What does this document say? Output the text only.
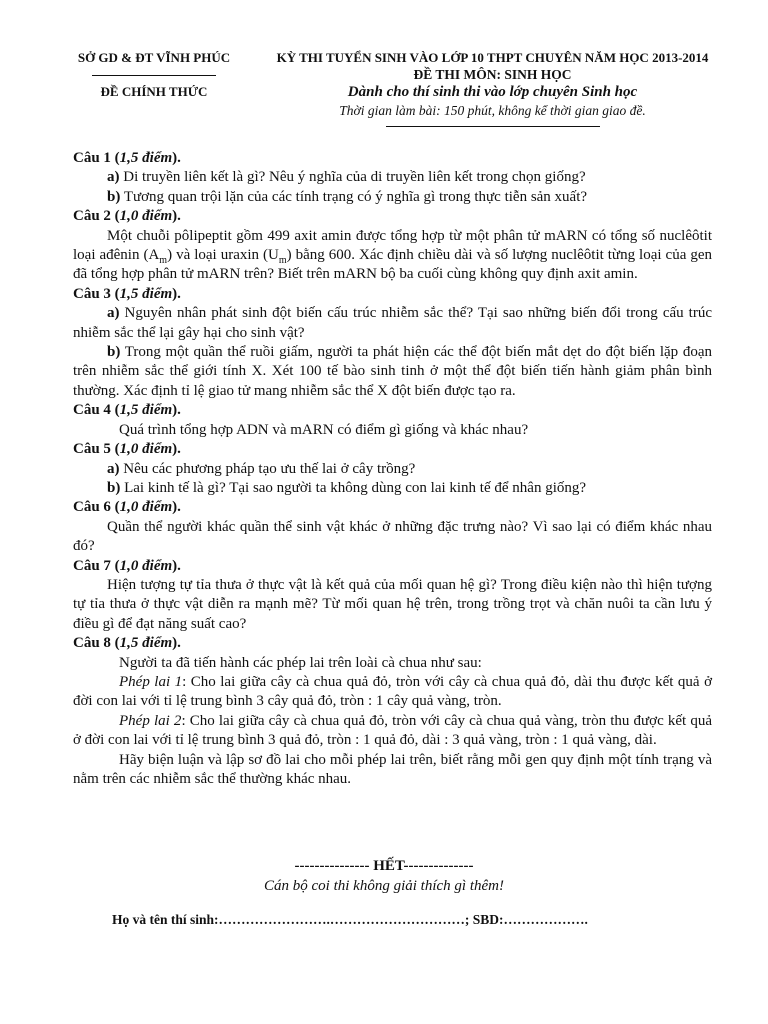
SỞ GD & ĐT VĨNH PHÚC
ĐỀ CHÍNH THỨC
KỲ THI TUYỂN SINH VÀO LỚP 10 THPT CHUYÊN NĂM HỌC 2013-2014
ĐỀ THI MÔN: SINH HỌC
Dành cho thí sinh thi vào lớp chuyên Sinh học
Thời gian làm bài: 150 phút, không kể thời gian giao đề.

Câu 1 (1,5 điểm).

a) Di truyền liên kết là gì? Nêu ý nghĩa của di truyền liên kết trong chọn giống?

b) Tương quan trội lặn của các tính trạng có ý nghĩa gì trong thực tiễn sản xuất?

Câu 2 (1,0 điểm).

Một chuỗi pôlipeptit gồm 499 axit amin được tổng hợp từ một phân tử mARN có tổng số nuclêôtit loại ađênin $(A_m)$ và loại uraxin $(U_m)$ bằng 600. Xác định chiều dài và số lượng nuclêôtit từng loại của gen đã tổng hợp phân tử mARN trên? Biết trên mARN bộ ba cuối cùng không quy định axit amin.

Câu 3 (1,5 điểm).

a) Nguyên nhân phát sinh đột biến cấu trúc nhiễm sắc thể? Tại sao những biến đổi trong cấu trúc nhiễm sắc thể lại gây hại cho sinh vật?

b) Trong một quần thể ruồi giấm, người ta phát hiện các thể đột biến mắt dẹt do đột biến lặp đoạn trên nhiễm sắc thể giới tính X. Xét 100 tế bào sinh tinh ở một thể đột biến tiến hành giảm phân bình thường. Xác định tỉ lệ giao tử mang nhiễm sắc thể X đột biến được tạo ra.

Câu 4 (1,5 điểm).

Quá trình tổng hợp ADN và mARN có điểm gì giống và khác nhau?

Câu 5 (1,0 điểm).

a) Nêu các phương pháp tạo ưu thế lai ở cây trồng?

b) Lai kinh tế là gì? Tại sao người ta không dùng con lai kinh tế để nhân giống?

Câu 6 (1,0 điểm).

Quần thể người khác quần thể sinh vật khác ở những đặc trưng nào? Vì sao lại có điểm khác nhau đó?

Câu 7 (1,0 điểm).

Hiện tượng tự tỉa thưa ở thực vật là kết quả của mối quan hệ gì? Trong điều kiện nào thì hiện tượng tự tỉa thưa ở thực vật diễn ra mạnh mẽ? Từ mối quan hệ trên, trong trồng trọt và chăn nuôi ta cần lưu ý điều gì để đạt năng suất cao?

Câu 8 (1,5 điểm).

Người ta đã tiến hành các phép lai trên loài cà chua như sau:

Phép lai 1: Cho lai giữa cây cà chua quả đỏ, tròn với cây cà chua quả đỏ, dài thu được kết quả ở đời con lai với tỉ lệ trung bình 3 cây quả đỏ, tròn : 1 cây quả vàng, tròn.

Phép lai 2: Cho lai giữa cây cà chua quả đỏ, tròn với cây cà chua quả vàng, tròn thu được kết quả ở đời con lai với tỉ lệ trung bình 3 quả đỏ, tròn : 1 quả đỏ, dài : 3 quả vàng, tròn : 1 quả vàng, dài.

Hãy biện luận và lập sơ đồ lai cho mỗi phép lai trên, biết rằng mỗi gen quy định một tính trạng và nằm trên các nhiễm sắc thể thường khác nhau.

--------------- HẾT--------------
Cán bộ coi thi không giải thích gì thêm!
Họ và tên thí sinh:…………………….…………………………; SBD:……………….
